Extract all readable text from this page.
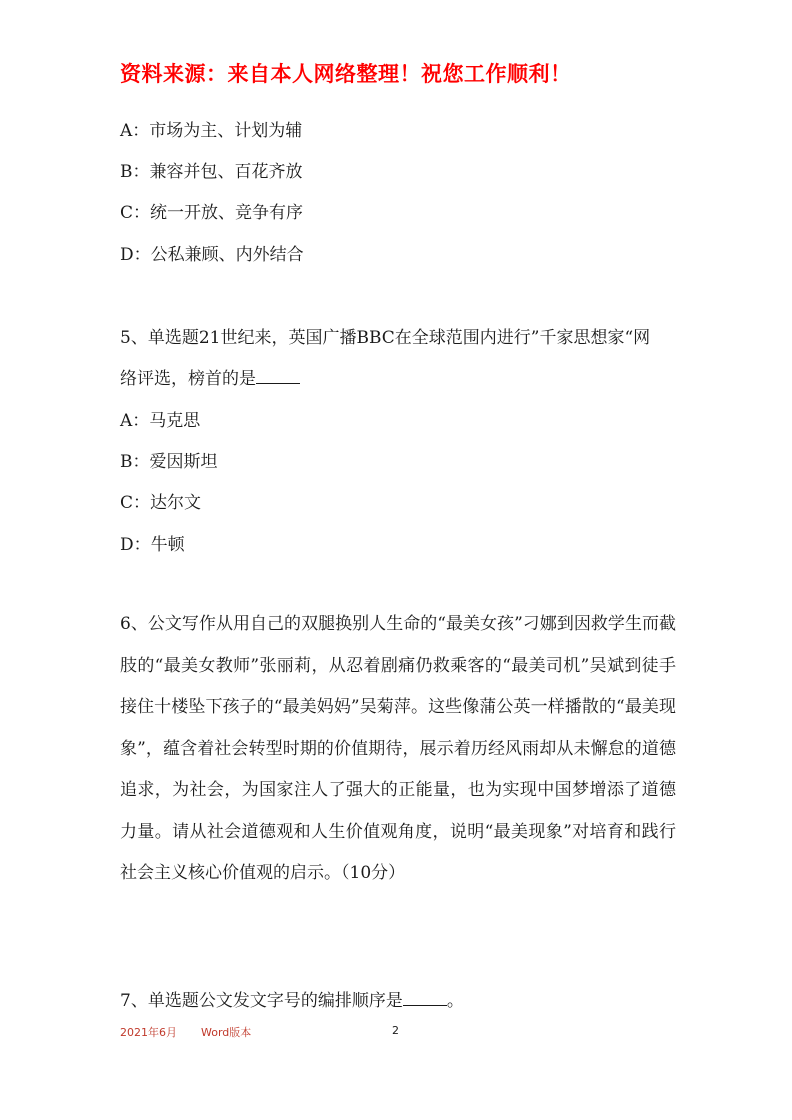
资料来源：来自本人网络整理！祝您工作顺利！
A：市场为主、计划为辅
B：兼容并包、百花齐放
C：统一开放、竞争有序
D：公私兼顾、内外结合
5、单选题21世纪来，英国广播BBC在全球范围内进行”千家思想家“网
络评选，榜首的是
A：马克思
B：爱因斯坦
C：达尔文
D：牛顿
6、公文写作从用自己的双腿换别人生命的“最美女孩”刁娜到因救学生而截肢的“最美女教师”张丽莉，从忍着剧痛仍救乘客的“最美司机”吴斌到徒手接住十楼坠下孩子的“最美妈妈”吴菊萍。这些像蒲公英一样播散的“最美现象”，蕴含着社会转型时期的价值期待，展示着历经风雨却从未懈怠的道德追求，为社会，为国家注人了强大的正能量，也为实现中国梦增添了道德力量。请从社会道德观和人生价值观角度，说明“最美现象”对培育和践行社会主义核心价值观的启示。（10分）
7、单选题公文发文字号的编排顺序是	。
2021年6月 Word版本	2
